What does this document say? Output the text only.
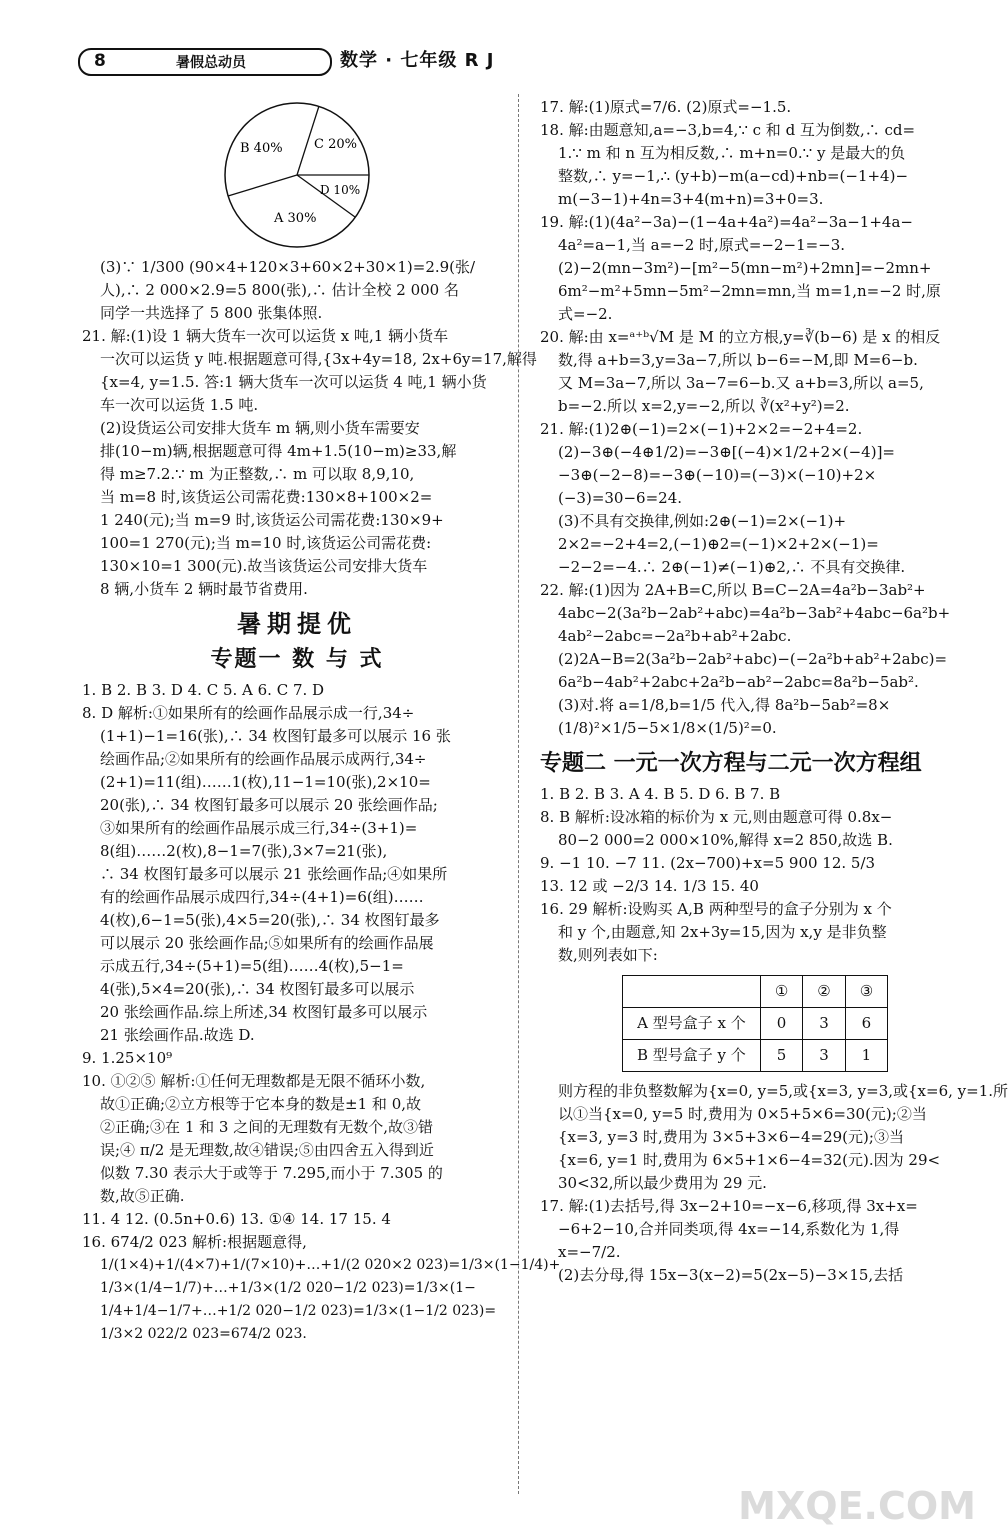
8	暑假总动员	数学 · 七年级 R J
B 40% C 20%
D 10%
A 30%
(3)∵ 1/300 (90×4+120×3+60×2+30×1)=2.9(张/
人),∴ 2 000×2.9=5 800(张),∴ 估计全校 2 000 名
同学一共选择了 5 800 张集体照.
21. 解:(1)设 1 辆大货车一次可以运货 x 吨,1 辆小货车
一次可以运货 y 吨.根据题意可得,{3x+4y=18, 2x+6y=17,解得
{x=4, y=1.5. 答:1 辆大货车一次可以运货 4 吨,1 辆小货
车一次可以运货 1.5 吨.
(2)设货运公司安排大货车 m 辆,则小货车需要安
排(10−m)辆,根据题意可得 4m+1.5(10−m)≥33,解
得 m≥7.2.∵ m 为正整数,∴ m 可以取 8,9,10,
当 m=8 时,该货运公司需花费:130×8+100×2=
1 240(元);当 m=9 时,该货运公司需花费:130×9+
100=1 270(元);当 m=10 时,该货运公司需花费:
130×10=1 300(元).故当该货运公司安排大货车
8 辆,小货车 2 辆时最节省费用.
暑期提优
专题一 数 与 式
1. B 2. B 3. D 4. C 5. A 6. C 7. D
8. D 解析:①如果所有的绘画作品展示成一行,34÷
(1+1)−1=16(张),∴ 34 枚图钉最多可以展示 16 张
绘画作品;②如果所有的绘画作品展示成两行,34÷
(2+1)=11(组)……1(枚),11−1=10(张),2×10=
20(张),∴ 34 枚图钉最多可以展示 20 张绘画作品;
③如果所有的绘画作品展示成三行,34÷(3+1)=
8(组)……2(枚),8−1=7(张),3×7=21(张),
∴ 34 枚图钉最多可以展示 21 张绘画作品;④如果所
有的绘画作品展示成四行,34÷(4+1)=6(组)……
4(枚),6−1=5(张),4×5=20(张),∴ 34 枚图钉最多
可以展示 20 张绘画作品;⑤如果所有的绘画作品展
示成五行,34÷(5+1)=5(组)……4(枚),5−1=
4(张),5×4=20(张),∴ 34 枚图钉最多可以展示
20 张绘画作品.综上所述,34 枚图钉最多可以展示
21 张绘画作品.故选 D.
9. 1.25×10⁹
10. ①②⑤ 解析:①任何无理数都是无限不循环小数,
故①正确;②立方根等于它本身的数是±1 和 0,故
②正确;③在 1 和 3 之间的无理数有无数个,故③错
误;④ π/2 是无理数,故④错误;⑤由四舍五入得到近
似数 7.30 表示大于或等于 7.295,而小于 7.305 的
数,故⑤正确.
11. 4 12. (0.5n+0.6) 13. ①④ 14. 17 15. 4
16. 674/2 023 解析:根据题意得,
1/(1×4)+1/(4×7)+1/(7×10)+…+1/(2 020×2 023)=1/3×(1−1/4)+
1/3×(1/4−1/7)+…+1/3×(1/2 020−1/2 023)=1/3×(1−
1/4+1/4−1/7+…+1/2 020−1/2 023)=1/3×(1−1/2 023)=
1/3×2 022/2 023=674/2 023.
17. 解:(1)原式=7/6. (2)原式=−1.5.
18. 解:由题意知,a=−3,b=4,∵ c 和 d 互为倒数,∴ cd=
1.∵ m 和 n 互为相反数,∴ m+n=0.∵ y 是最大的负
整数,∴ y=−1,∴ (y+b)−m(a−cd)+nb=(−1+4)−
m(−3−1)+4n=3+4(m+n)=3+0=3.
19. 解:(1)(4a²−3a)−(1−4a+4a²)=4a²−3a−1+4a−
4a²=a−1,当 a=−2 时,原式=−2−1=−3.
(2)−2(mn−3m²)−[m²−5(mn−m²)+2mn]=−2mn+
6m²−m²+5mn−5m²−2mn=mn,当 m=1,n=−2 时,原
式=−2.
20. 解:由 x=ᵃ⁺ᵇ√M 是 M 的立方根,y=∛(b−6) 是 x 的相反
数,得 a+b=3,y=3a−7,所以 b−6=−M,即 M=6−b.
又 M=3a−7,所以 3a−7=6−b.又 a+b=3,所以 a=5,
b=−2.所以 x=2,y=−2,所以 ∛(x²+y²)=2.
21. 解:(1)2⊕(−1)=2×(−1)+2×2=−2+4=2.
(2)−3⊕(−4⊕1/2)=−3⊕[(−4)×1/2+2×(−4)]=
−3⊕(−2−8)=−3⊕(−10)=(−3)×(−10)+2×
(−3)=30−6=24.
(3)不具有交换律,例如:2⊕(−1)=2×(−1)+
2×2=−2+4=2,(−1)⊕2=(−1)×2+2×(−1)=
−2−2=−4.∴ 2⊕(−1)≠(−1)⊕2,∴ 不具有交换律.
22. 解:(1)因为 2A+B=C,所以 B=C−2A=4a²b−3ab²+
4abc−2(3a²b−2ab²+abc)=4a²b−3ab²+4abc−6a²b+
4ab²−2abc=−2a²b+ab²+2abc.
(2)2A−B=2(3a²b−2ab²+abc)−(−2a²b+ab²+2abc)=
6a²b−4ab²+2abc+2a²b−ab²−2abc=8a²b−5ab².
(3)对.将 a=1/8,b=1/5 代入,得 8a²b−5ab²=8×
(1/8)²×1/5−5×1/8×(1/5)²=0.
专题二 一元一次方程与二元一次方程组
1. B 2. B 3. A 4. B 5. D 6. B 7. B
8. B 解析:设冰箱的标价为 x 元,则由题意可得 0.8x−
80−2 000=2 000×10%,解得 x=2 850,故选 B.
9. −1 10. −7 11. (2x−700)+x=5 900 12. 5/3
13. 12 或 −2/3 14. 1/3 15. 40
16. 29 解析:设购买 A,B 两种型号的盒子分别为 x 个
和 y 个,由题意,知 2x+3y=15,因为 x,y 是非负整
数,则列表如下:
	①	②	③
A 型号盒子 x 个	0	3	6
B 型号盒子 y 个	5	3	1
则方程的非负整数解为{x=0, y=5,或{x=3, y=3,或{x=6, y=1.所
以①当{x=0, y=5 时,费用为 0×5+5×6=30(元);②当
{x=3, y=3 时,费用为 3×5+3×6−4=29(元);③当
{x=6, y=1 时,费用为 6×5+1×6−4=32(元).因为 29<
30<32,所以最少费用为 29 元.
17. 解:(1)去括号,得 3x−2+10=−x−6,移项,得 3x+x=
−6+2−10,合并同类项,得 4x=−14,系数化为 1,得
x=−7/2.
(2)去分母,得 15x−3(x−2)=5(2x−5)−3×15,去括
MXQE.COM
